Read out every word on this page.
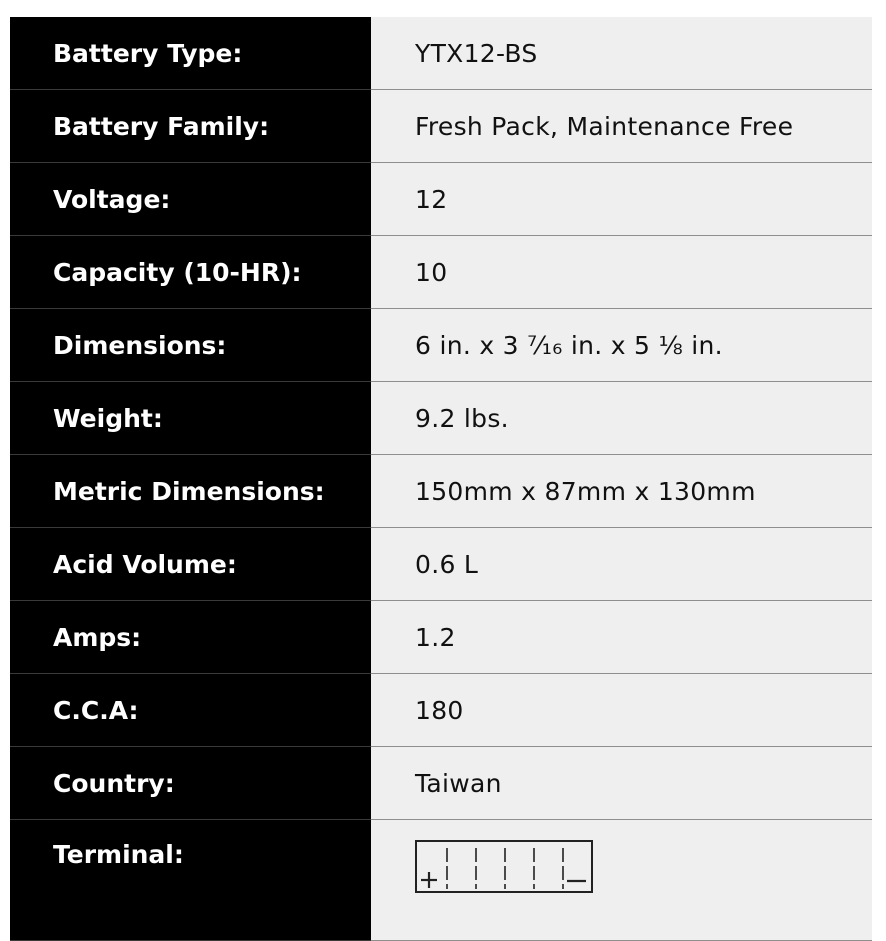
Battery Type:	YTX12-BS
Battery Family:	Fresh Pack, Maintenance Free
Voltage:	12
Capacity (10-HR):	10
Dimensions:	6 in. x 3 ⁷⁄₁₆ in. x 5 ⅛ in.
Weight:	9.2 lbs.
Metric Dimensions:	150mm x 87mm x 130mm
Acid Volume:	0.6 L
Amps:	1.2
C.C.A:	180
Country:	Taiwan
Terminal:	
